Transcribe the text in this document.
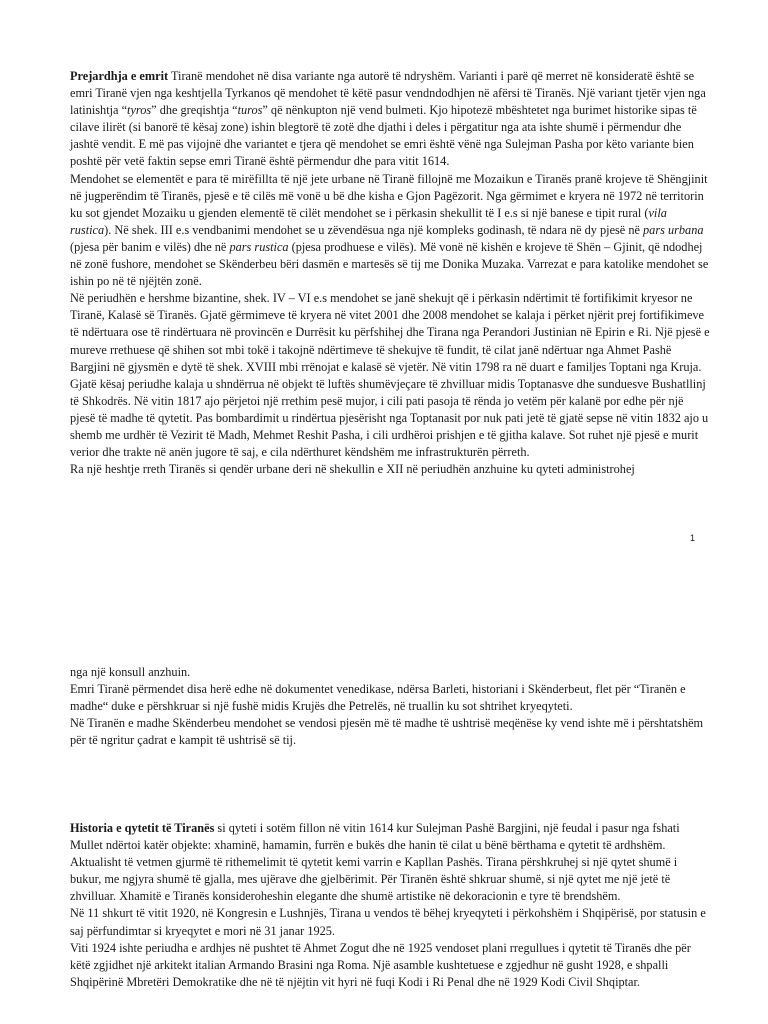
Prejardhja e emrit Tiranë mendohet në disa variante nga autorë të ndryshëm. Varianti i parë që merret në konsideratë është se emri Tiranë vjen nga keshtjella Tyrkanos që mendohet të këtë pasur vendndodhjen në afërsi të Tiranës. Një variant tjetër vjen nga latinishtja “tyros” dhe greqishtja “turos” që nënkupton një vend bulmeti. Kjo hipotezë mbështetet nga burimet historike sipas të cilave ilirët (si banorë të kësaj zone) ishin blegtorë të zotë dhe djathi i deles i përgatitur nga ata ishte shumë i përmendur dhe jashtë vendit. E më pas vijojnë dhe variantet e tjera që mendohet se emri është vënë nga Sulejman Pasha por këto variante bien poshtë për vetë faktin sepse emri Tiranë është përmendur dhe para vitit 1614.

Mendohet se elementët e para të mirëfillta të një jete urbane në Tiranë fillojnë me Mozaikun e Tiranës pranë krojeve të Shëngjinit në jugperëndim të Tiranës, pjesë e të cilës më vonë u bë dhe kisha e Gjon Pagëzorit. Nga gërmimet e kryera në 1972 në territorin ku sot gjendet Mozaiku u gjenden elementë të cilët mendohet se i përkasin shekullit të I e.s si një banese e tipit rural (vila rustica). Në shek. III e.s vendbanimi mendohet se u zëvendësua nga një kompleks godinash, të ndara në dy pjesë në pars urbana (pjesa për banim e vilës) dhe në pars rustica (pjesa prodhuese e vilës). Më vonë në kishën e krojeve të Shën – Gjinit, që ndodhej në zonë fushore, mendohet se Skënderbeu bëri dasmën e martesës së tij me Donika Muzaka. Varrezat e para katolike mendohet se ishin po në të njëjtën zonë.

Në periudhën e hershme bizantine, shek. IV – VI e.s mendohet se janë shekujt që i përkasin ndërtimit të fortifikimit kryesor ne Tiranë, Kalasë së Tiranës. Gjatë gërmimeve të kryera në vitet 2001 dhe 2008 mendohet se kalaja i përket njërit prej fortifikimeve të ndërtuara ose të rindërtuara në provincën e Durrësit ku përfshihej dhe Tirana nga Perandori Justinian në Epirin e Ri. Një pjesë e mureve rrethuese që shihen sot mbi tokë i takojnë ndërtimeve të shekujve të fundit, të cilat janë ndërtuar nga Ahmet Pashë Bargjini në gjysmën e dytë të shek. XVIII mbi rrënojat e kalasë së vjetër. Në vitin 1798 ra në duart e familjes Toptani nga Kruja. Gjatë kësaj periudhe kalaja u shndërrua në objekt të luftës shumëvjeçare të zhvilluar midis Toptanasve dhe sunduesve Bushatllinj të Shkodrës. Në vitin 1817 ajo përjetoi një rrethim pesë mujor, i cili pati pasoja të rënda jo vetëm për kalanë por edhe për një pjesë të madhe të qytetit. Pas bombardimit u rindërtua pjesërisht nga Toptanasit por nuk pati jetë të gjatë sepse në vitin 1832 ajo u shemb me urdhër të Vezirit të Madh, Mehmet Reshit Pasha, i cili urdhëroi prishjen e të gjitha kalave. Sot ruhet një pjesë e murit verior dhe trakte në anën jugore të saj, e cila ndërthuret këndshëm me infrastrukturën përreth.

Ra një heshtje rreth Tiranës si qendër urbane deri në shekullin e XII në periudhën anzhuine ku qyteti administrohej

1

nga një konsull anzhuin.

Emri Tiranë përmendet disa herë edhe në dokumentet venedikase, ndërsa Barleti, historiani i Skënderbeut, flet për “Tiranën e madhe“ duke e përshkruar si një fushë midis Krujës dhe Petrelës, në truallin ku sot shtrihet kryeqyteti.

Në Tiranën e madhe Skënderbeu mendohet se vendosi pjesën më të madhe të ushtrisë meqënëse ky vend ishte më i përshtatshëm për të ngritur çadrat e kampit të ushtrisë së tij.

Historia e qytetit të Tiranës si qyteti i sotëm fillon në vitin 1614 kur Sulejman Pashë Bargjini, një feudal i pasur nga fshati Mullet ndërtoi katër objekte: xhaminë, hamamin, furrën e bukës dhe hanin të cilat u bënë bërthama e qytetit të ardhshëm. Aktualisht të vetmen gjurmë të rithemelimit të qytetit kemi varrin e Kapllan Pashës. Tirana përshkruhej si një qytet shumë i bukur, me ngjyra shumë të gjalla, mes ujërave dhe gjelbërimit. Për Tiranën është shkruar shumë, si një qytet me një jetë të zhvilluar. Xhamitë e Tiranës konsideroheshin elegante dhe shumë artistike në dekoracionin e tyre të brendshëm.

Në 11 shkurt të vitit 1920, në Kongresin e Lushnjës, Tirana u vendos të bëhej kryeqyteti i përkohshëm i Shqipërisë, por statusin e saj përfundimtar si kryeqytet e mori në 31 janar 1925.

Viti 1924 ishte periudha e ardhjes në pushtet të Ahmet Zogut dhe në 1925 vendoset plani rregullues i qytetit të Tiranës dhe për këtë zgjidhet një arkitekt italian Armando Brasini nga Roma. Një asamble kushtetuese e zgjedhur në gusht 1928, e shpalli Shqipërinë Mbretëri Demokratike dhe në të njëjtin vit hyri në fuqi Kodi i Ri Penal dhe në 1929 Kodi Civil Shqiptar.
